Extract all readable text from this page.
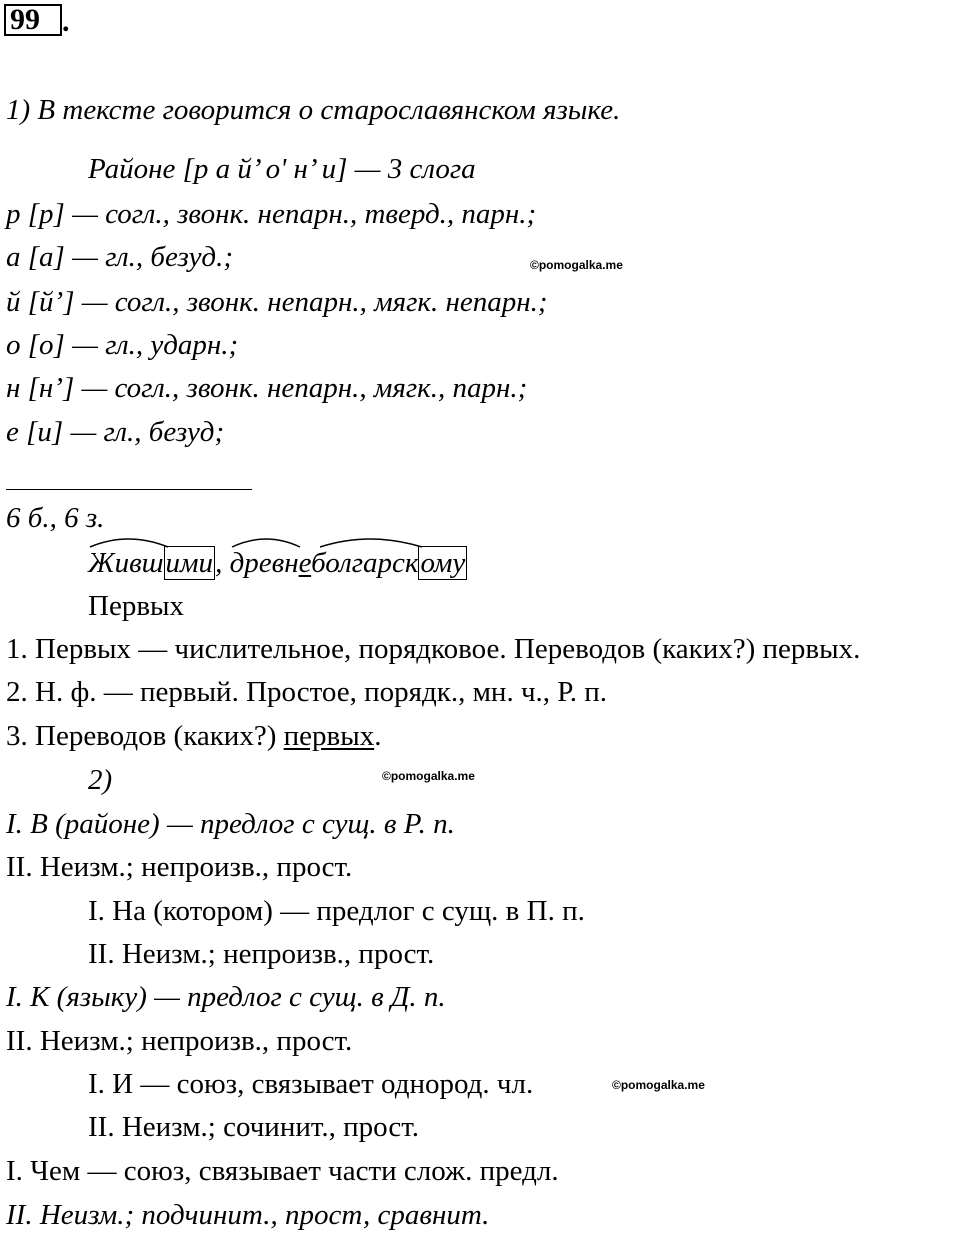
99 .
1) В тексте говорится о старославянском языке.
Районе [р а й’ о' н’ и] — 3 слога
р [р] — согл., звонк. непарн., тверд., парн.;
а [а] — гл., безуд.;	©pomogalka.me
й [й’] — согл., звонк. непарн., мягк. непарн.;
о [о] — гл., ударн.;
н [н’] — согл., звонк. непарн., мягк., парн.;
е [и] — гл., безуд;
6 б., 6 з.
Жившими, древнеболгарскому
Первых
1. Первых — числительное, порядковое. Переводов (каких?) первых.
2. Н. ф. — первый. Простое, порядк., мн. ч., Р. п.
3. Переводов (каких?) первых.
2)	©pomogalka.me
I. В (районе) — предлог с сущ. в Р. п.
II. Неизм.; непроизв., прост.
I. На (котором) — предлог с сущ. в П. п.
II. Неизм.; непроизв., прост.
I. К (языку) — предлог с сущ. в Д. п.
II. Неизм.; непроизв., прост.
I. И — союз, связывает однород. чл.	©pomogalka.me
II. Неизм.; сочинит., прост.
I. Чем — союз, связывает части слож. предл.
II. Неизм.; подчинит., прост, сравнит.
